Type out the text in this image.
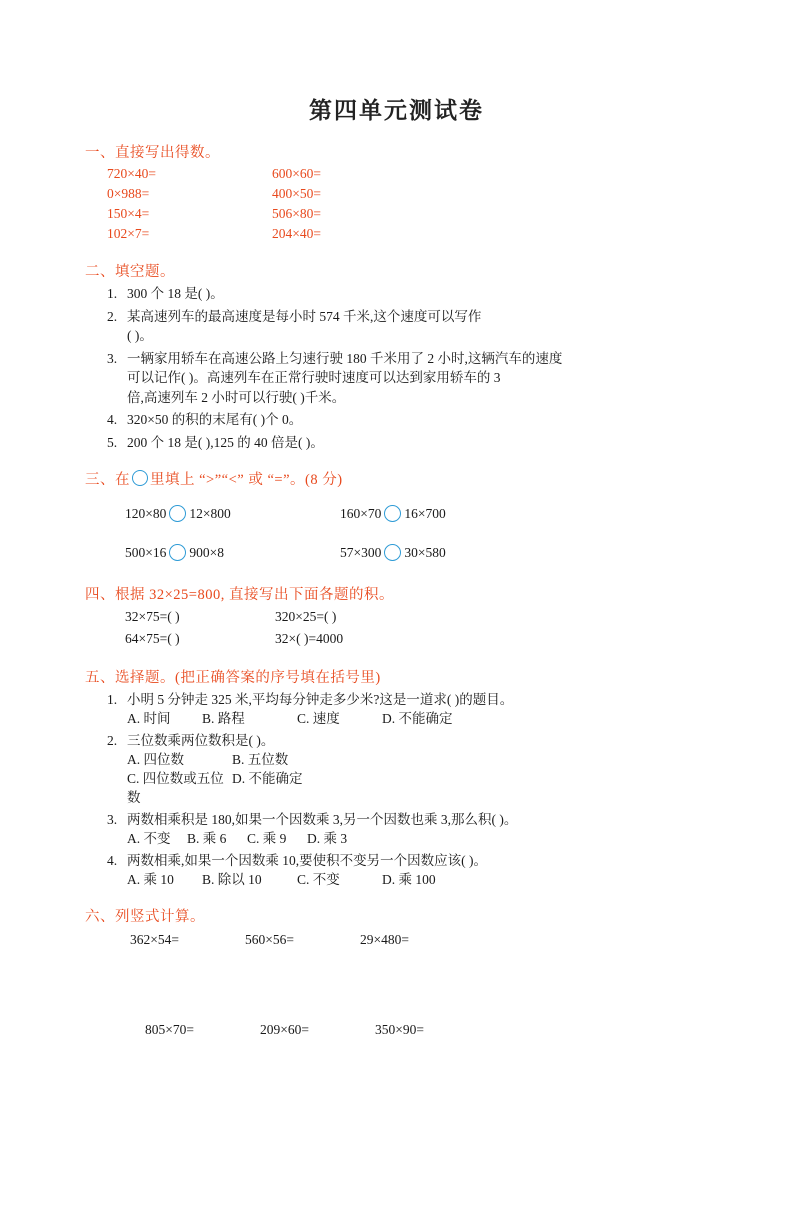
第四单元测试卷
一、直接写出得数。
720×40=	600×60=
0×988=	400×50=
150×4=	506×80=
102×7=	204×40=
二、填空题。
1. 300 个 18 是( )。
2. 某高速列车的最高速度是每小时 574 千米,这个速度可以写作
( )。
3. 一辆家用轿车在高速公路上匀速行驶 180 千米用了 2 小时,这辆汽车的速度
可以记作( )。高速列车在正常行驶时速度可以达到家用轿车的 3
倍,高速列车 2 小时可以行驶( )千米。
4. 320×50 的积的末尾有( )个 0。
5. 200 个 18 是( ),125 的 40 倍是( )。
三、在 里填上 “>”“<” 或 “=”。(8 分)
120×80 12×800	160×70 16×700
500×16 900×8	57×300 30×580
四、根据 32×25=800, 直接写出下面各题的积。
32×75=( )	320×25=( )
64×75=( )	32×( )=4000
五、选择题。(把正确答案的序号填在括号里)
1. 小明 5 分钟走 325 米,平均每分钟走多少米?这是一道求( )的题目。
A. 时间	B. 路程	C. 速度	D. 不能确定
2. 三位数乘两位数积是( )。
A. 四位数	B. 五位数
C. 四位数或五位数
D. 不能确定
3. 两数相乘积是 180,如果一个因数乘 3,另一个因数也乘 3,那么积( )。
A. 不变	B. 乘 6	C. 乘 9	D. 乘 3
4. 两数相乘,如果一个因数乘 10,要使积不变另一个因数应该( )。
A. 乘 10	B. 除以 10	C. 不变	D. 乘 100
六、列竖式计算。
362×54=	560×56=	29×480=
805×70=	209×60=	350×90=
